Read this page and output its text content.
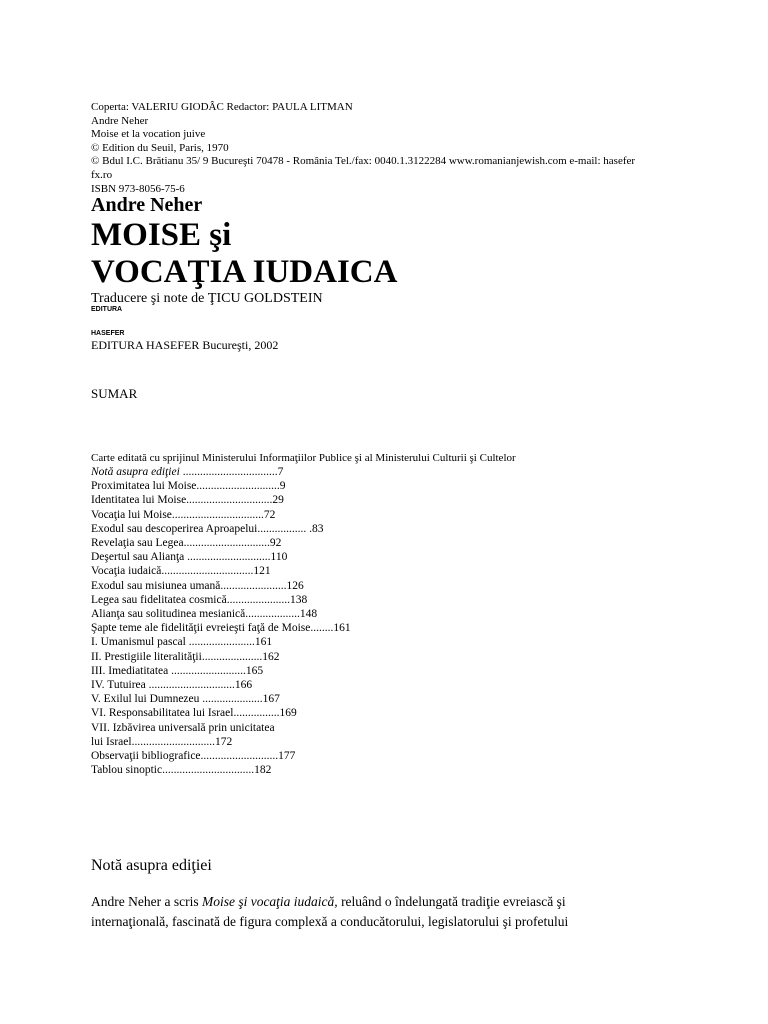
Coperta: VALERIU GIODÂC Redactor: PAULA LITMAN
Andre Neher
Moise et la vocation juive
© Edition du Seuil, Paris, 1970
© Bdul I.C. Brătianu 35/ 9 Bucureşti 70478 - România Tel./fax: 0040.1.3122284 www.romanianjewish.com e-mail: hasefer
fx.ro
ISBN 973-8056-75-6
Andre Neher
MOISE şi
VOCAŢIA IUDAICA
Traducere şi note de ŢICU GOLDSTEIN
EDITURA
HASEFER
EDITURA HASEFER Bucureşti, 2002
SUMAR
Carte editată cu sprijinul Ministerului Informaţiilor Publice şi al Ministerului Culturii şi Cultelor
Notă asupra ediţiei .................................7
Proximitatea lui Moise.............................9
Identitatea lui Moise..............................29
Vocaţia lui Moise................................72
Exodul sau descoperirea Aproapelui................. .83
Revelaţia sau Legea..............................92
Deşertul sau Alianţa .............................110
Vocaţia iudaică................................121
Exodul sau misiunea umană.......................126
Legea sau fidelitatea cosmică......................138
Alianţa sau solitudinea mesianică...................148
Şapte teme ale fidelităţii evreieşti faţă de Moise........161
I. Umanismul pascal .......................161
II. Prestigiile literalităţii.....................162
III. Imediatitatea ..........................165
IV. Tutuirea ..............................166
V. Exilul lui Dumnezeu .....................167
VI. Responsabilitatea lui Israel................169
VII. Izbăvirea universală prin unicitatea
lui Israel.............................172
Observaţii bibliografice...........................177
Tablou sinoptic................................182
Notă asupra ediţiei
Andre Neher a scris Moise şi vocaţia iudaică, reluând o îndelungată tradiţie evreiască şi
internaţională, fascinată de figura complexă a conducătorului, legislatorului şi profetului
